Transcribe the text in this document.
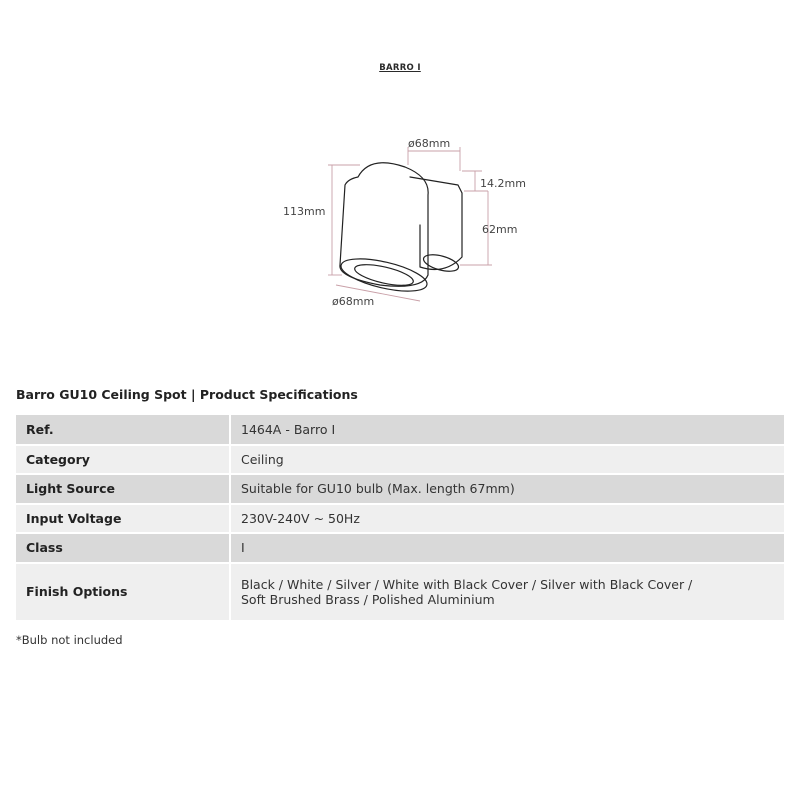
BARRO I
ø68mm
113mm
14.2mm
62mm
ø68mm
Barro GU10 Ceiling Spot | Product Specifications
Ref.	1464A - Barro I
Category	Ceiling
Light Source	Suitable for GU10 bulb (Max. length 67mm)
Input Voltage	230V-240V ~ 50Hz
Class	I
Finish Options	Black / White / Silver / White with Black Cover / Silver with Black Cover /
Soft Brushed Brass / Polished Aluminium
*Bulb not included
